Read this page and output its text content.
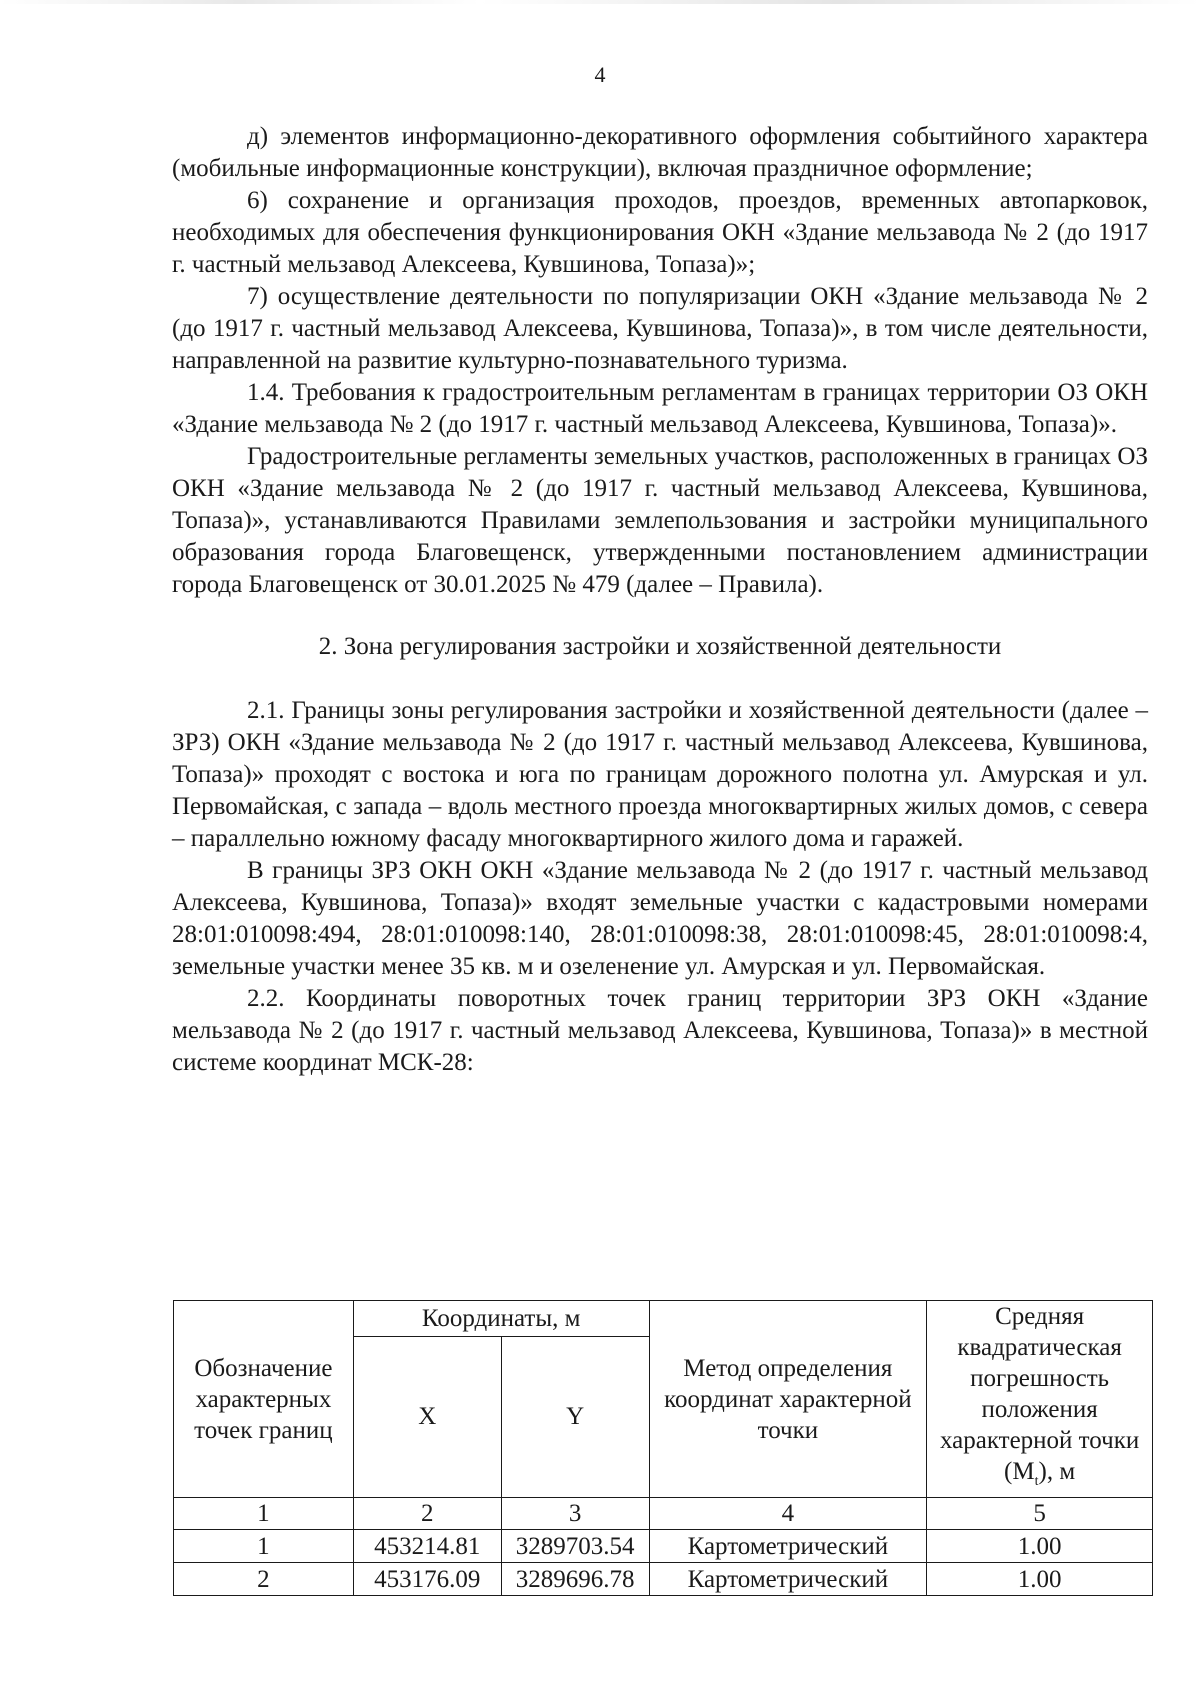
4

д) элементов информационно-декоративного оформления событийного характера (мобильные информационные конструкции), включая праздничное оформление;

6) сохранение и организация проходов, проездов, временных автопарковок, необходимых для обеспечения функционирования ОКН «Здание мельзавода № 2 (до 1917 г. частный мельзавод Алексеева, Кувшинова, Топаза)»;

7) осуществление деятельности по популяризации ОКН «Здание мельзавода № 2 (до 1917 г. частный мельзавод Алексеева, Кувшинова, Топаза)», в том числе деятельности, направленной на развитие культурно-познавательного туризма.

1.4. Требования к градостроительным регламентам в границах территории ОЗ ОКН «Здание мельзавода № 2 (до 1917 г. частный мельзавод Алексеева, Кувшинова, Топаза)».

Градостроительные регламенты земельных участков, расположенных в границах ОЗ ОКН «Здание мельзавода № 2 (до 1917 г. частный мельзавод Алексеева, Кувшинова, Топаза)», устанавливаются Правилами землепользования и застройки муниципального образования города Благовещенск, утвержденными постановлением администрации города Благовещенск от 30.01.2025 № 479 (далее – Правила).

2. Зона регулирования застройки и хозяйственной деятельности

2.1. Границы зоны регулирования застройки и хозяйственной деятельности (далее – ЗРЗ) ОКН «Здание мельзавода № 2 (до 1917 г. частный мельзавод Алексеева, Кувшинова, Топаза)» проходят с востока и юга по границам дорожного полотна ул. Амурская и ул. Первомайская, с запада – вдоль местного проезда многоквартирных жилых домов, с севера – параллельно южному фасаду многоквартирного жилого дома и гаражей.

В границы ЗРЗ ОКН ОКН «Здание мельзавода № 2 (до 1917 г. частный мельзавод Алексеева, Кувшинова, Топаза)» входят земельные участки с кадастровыми номерами 28:01:010098:494, 28:01:010098:140, 28:01:010098:38, 28:01:010098:45, 28:01:010098:4, земельные участки менее 35 кв. м и озеленение ул. Амурская и ул. Первомайская.

2.2. Координаты поворотных точек границ территории ЗРЗ ОКН «Здание мельзавода № 2 (до 1917 г. частный мельзавод Алексеева, Кувшинова, Топаза)» в местной системе координат МСК-28:

Обозначение характерных точек границ	Координаты, м		Метод определения координат характерной точки	Средняя квадратическая погрешность положения характерной точки $(M_t)$, м
	X	Y		
1	2	3	4	5
1	453214.81	3289703.54	Картометрический	1.00
2	453176.09	3289696.78	Картометрический	1.00
